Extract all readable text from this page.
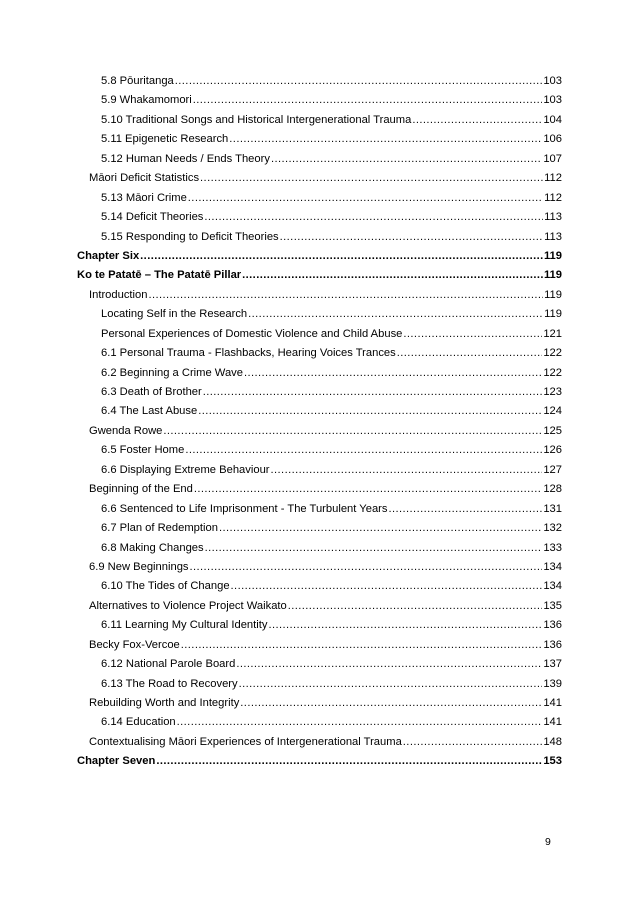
5.8 Pōuritanga .....	103
5.9 Whakamomori .....	103
5.10 Traditional Songs and Historical Intergenerational Trauma .....	104
5.11 Epigenetic Research .....	106
5.12 Human Needs / Ends Theory .....	107
Māori Deficit Statistics .....	112
5.13 Māori Crime .....	112
5.14 Deficit Theories .....	113
5.15 Responding to Deficit Theories .....	113
Chapter Six .....	119
Ko te Patatē – The Patatē Pillar .....	119
Introduction .....	119
Locating Self in the Research .....	119
Personal Experiences of Domestic Violence and Child Abuse .....	121
6.1 Personal Trauma - Flashbacks, Hearing Voices Trances .....	122
6.2 Beginning a Crime Wave .....	122
6.3 Death of Brother .....	123
6.4 The Last Abuse .....	124
Gwenda Rowe .....	125
6.5 Foster Home .....	126
6.6 Displaying Extreme Behaviour .....	127
Beginning of the End .....	128
6.6 Sentenced to Life Imprisonment - The Turbulent Years .....	131
6.7 Plan of Redemption .....	132
6.8 Making Changes .....	133
6.9 New Beginnings .....	134
6.10 The Tides of Change .....	134
Alternatives to Violence Project Waikato .....	135
6.11 Learning My Cultural Identity .....	136
Becky Fox-Vercoe .....	136
6.12 National Parole Board .....	137
6.13 The Road to Recovery .....	139
Rebuilding Worth and Integrity .....	141
6.14 Education .....	141
Contextualising Māori Experiences of Intergenerational Trauma .....	148
Chapter Seven .....	153
9
